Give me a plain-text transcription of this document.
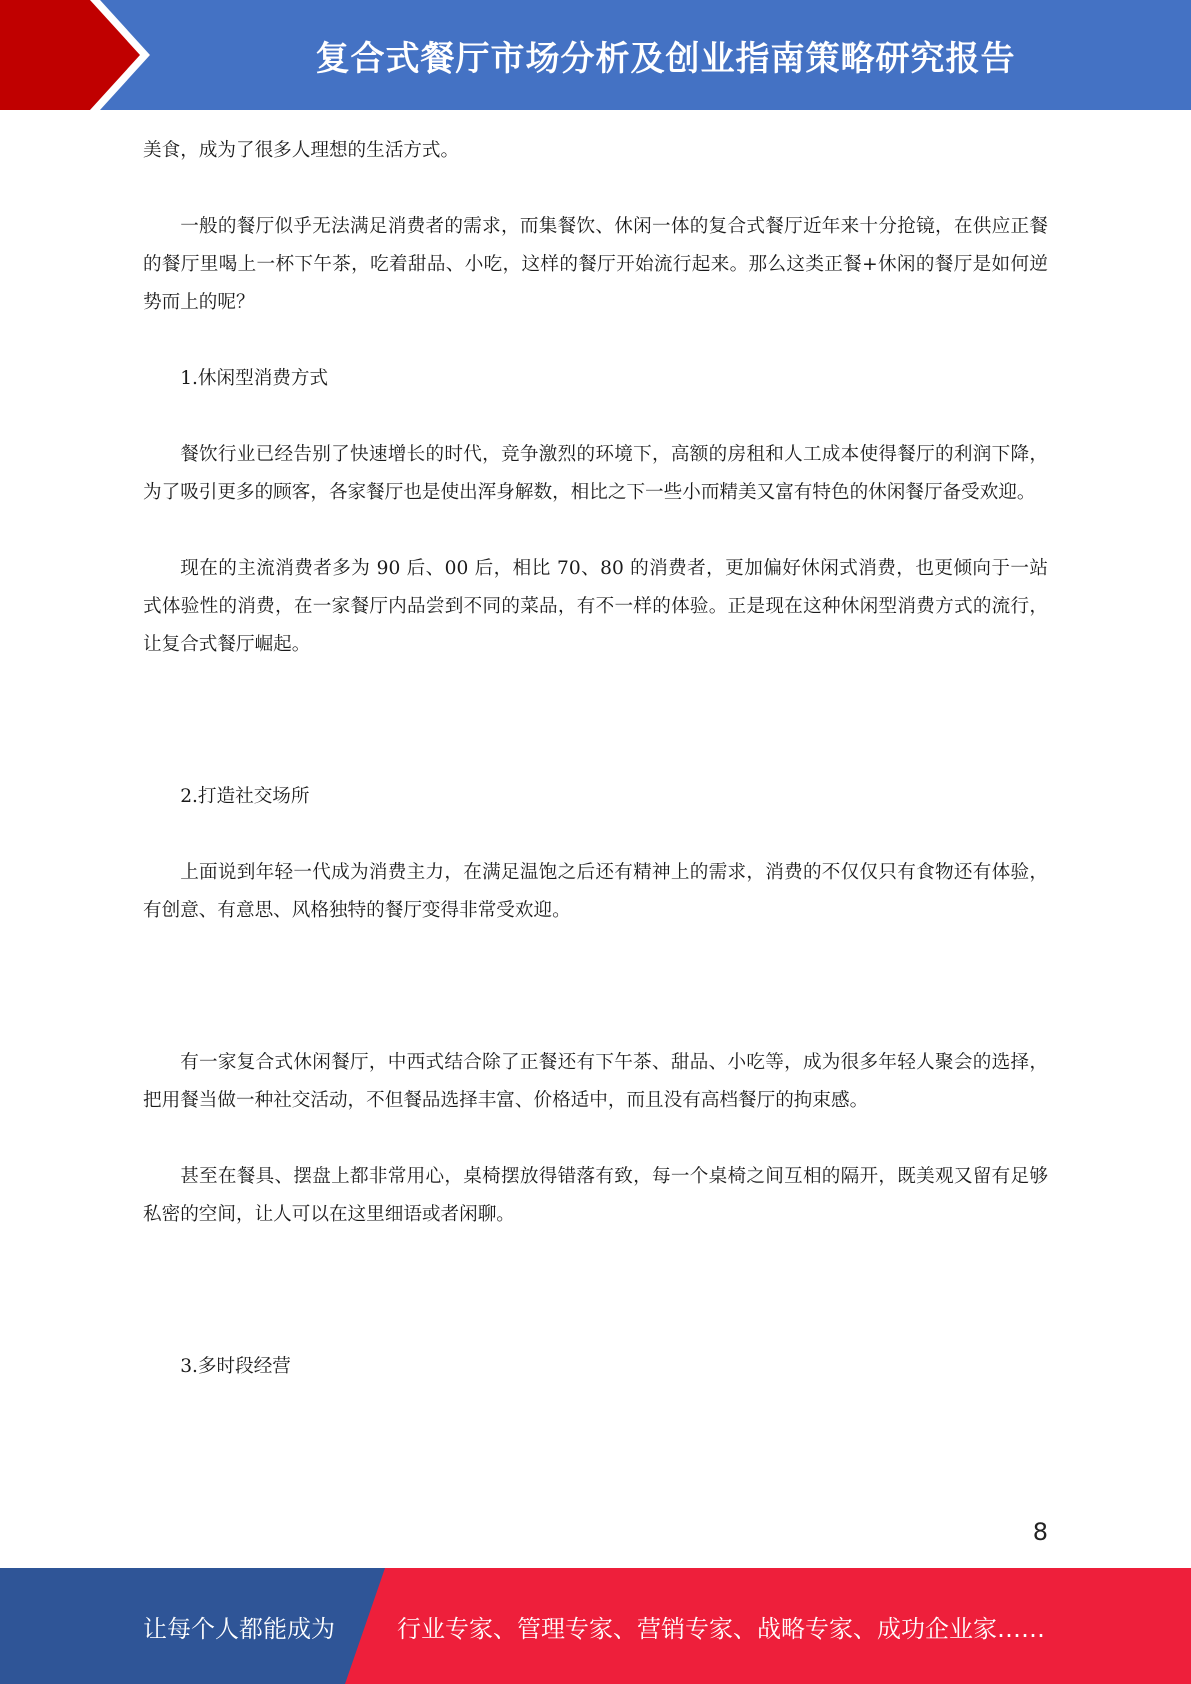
复合式餐厅市场分析及创业指南策略研究报告

美食，成为了很多人理想的生活方式。

一般的餐厅似乎无法满足消费者的需求，而集餐饮、休闲一体的复合式餐厅近年来十分抢镜，在供应正餐的餐厅里喝上一杯下午茶，吃着甜品、小吃，这样的餐厅开始流行起来。那么这类正餐+休闲的餐厅是如何逆势而上的呢？

1.休闲型消费方式

餐饮行业已经告别了快速增长的时代，竞争激烈的环境下，高额的房租和人工成本使得餐厅的利润下降，为了吸引更多的顾客，各家餐厅也是使出浑身解数，相比之下一些小而精美又富有特色的休闲餐厅备受欢迎。

现在的主流消费者多为 90 后、00 后，相比 70、80 的消费者，更加偏好休闲式消费，也更倾向于一站式体验性的消费，在一家餐厅内品尝到不同的菜品，有不一样的体验。正是现在这种休闲型消费方式的流行，让复合式餐厅崛起。

2.打造社交场所

上面说到年轻一代成为消费主力，在满足温饱之后还有精神上的需求，消费的不仅仅只有食物还有体验，有创意、有意思、风格独特的餐厅变得非常受欢迎。

有一家复合式休闲餐厅，中西式结合除了正餐还有下午茶、甜品、小吃等，成为很多年轻人聚会的选择，把用餐当做一种社交活动，不但餐品选择丰富、价格适中，而且没有高档餐厅的拘束感。

甚至在餐具、摆盘上都非常用心，桌椅摆放得错落有致，每一个桌椅之间互相的隔开，既美观又留有足够私密的空间，让人可以在这里细语或者闲聊。

3.多时段经营

8
让每个人都能成为	行业专家、管理专家、营销专家、战略专家、成功企业家……
